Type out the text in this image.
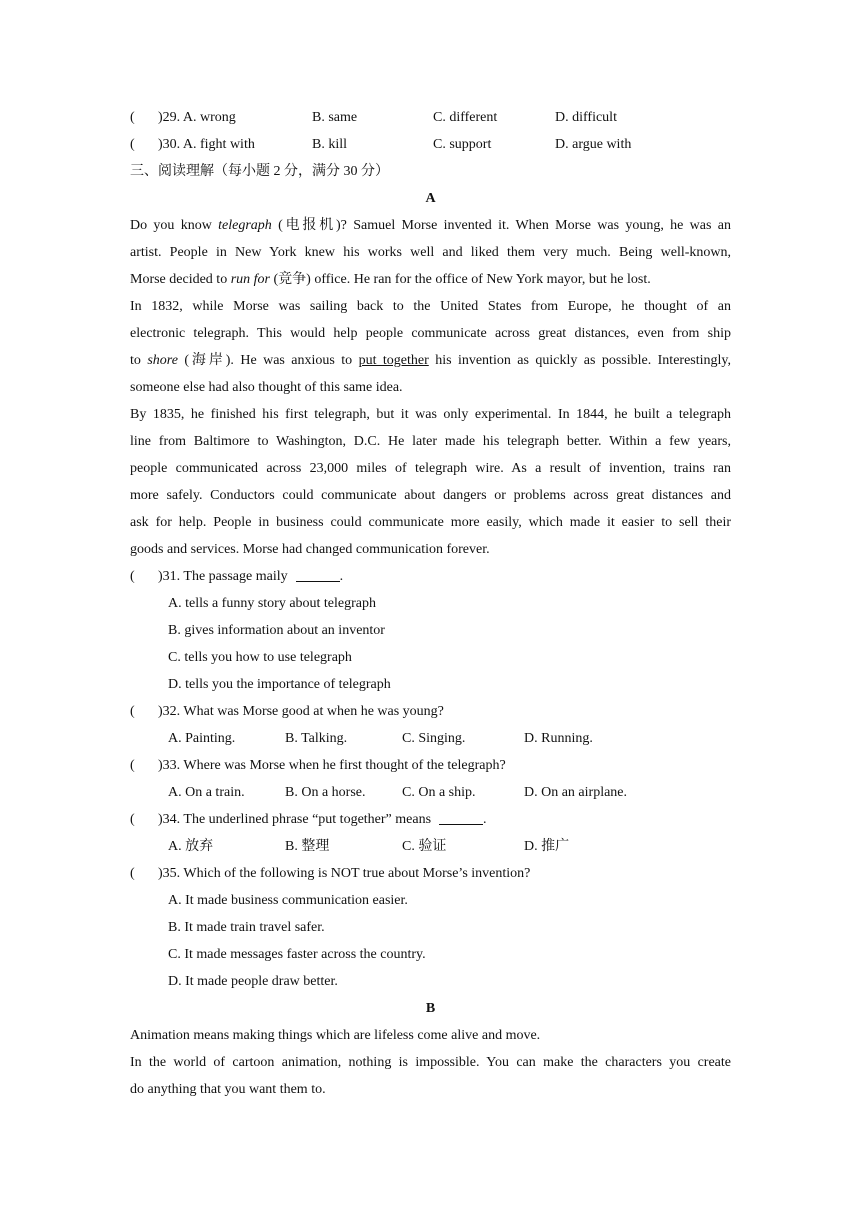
( )29. A. wrong	B. same	C. different	D. difficult
( )30. A. fight with	B. kill	C. support	D. argue with
三、阅读理解（每小题 2 分，满分 30 分）
A
Do you know telegraph (电报机)? Samuel Morse invented it. When Morse was young, he was an
artist. People in New York knew his works well and liked them very much. Being well-known,
Morse decided to run for (竞争) office. He ran for the office of New York mayor, but he lost.
In 1832, while Morse was sailing back to the United States from Europe, he thought of an
electronic telegraph. This would help people communicate across great distances, even from ship
to shore (海岸). He was anxious to put together his invention as quickly as possible. Interestingly,
someone else had also thought of this same idea.
By 1835, he finished his first telegraph, but it was only experimental. In 1844, he built a telegraph
line from Baltimore to Washington, D.C. He later made his telegraph better. Within a few years,
people communicated across 23,000 miles of telegraph wire. As a result of invention, trains ran
more safely. Conductors could communicate about dangers or problems across great distances and
ask for help. People in business could communicate more easily, which made it easier to sell their
goods and services. Morse had changed communication forever.
( )31. The passage maily	.
A. tells a funny story about telegraph
B. gives information about an inventor
C. tells you how to use telegraph
D. tells you the importance of telegraph
( )32. What was Morse good at when he was young?
A. Painting.	B. Talking.	C. Singing.	D. Running.
( )33. Where was Morse when he first thought of the telegraph?
A. On a train.	B. On a horse.	C. On a ship.	D. On an airplane.
( )34. The underlined phrase “put together” means	.
A. 放弃	B. 整理	C. 验证	D. 推广
( )35. Which of the following is NOT true about Morse’s invention?
A. It made business communication easier.
B. It made train travel safer.
C. It made messages faster across the country.
D. It made people draw better.
B
Animation means making things which are lifeless come alive and move.
In the world of cartoon animation, nothing is impossible. You can make the characters you create
do anything that you want them to.
